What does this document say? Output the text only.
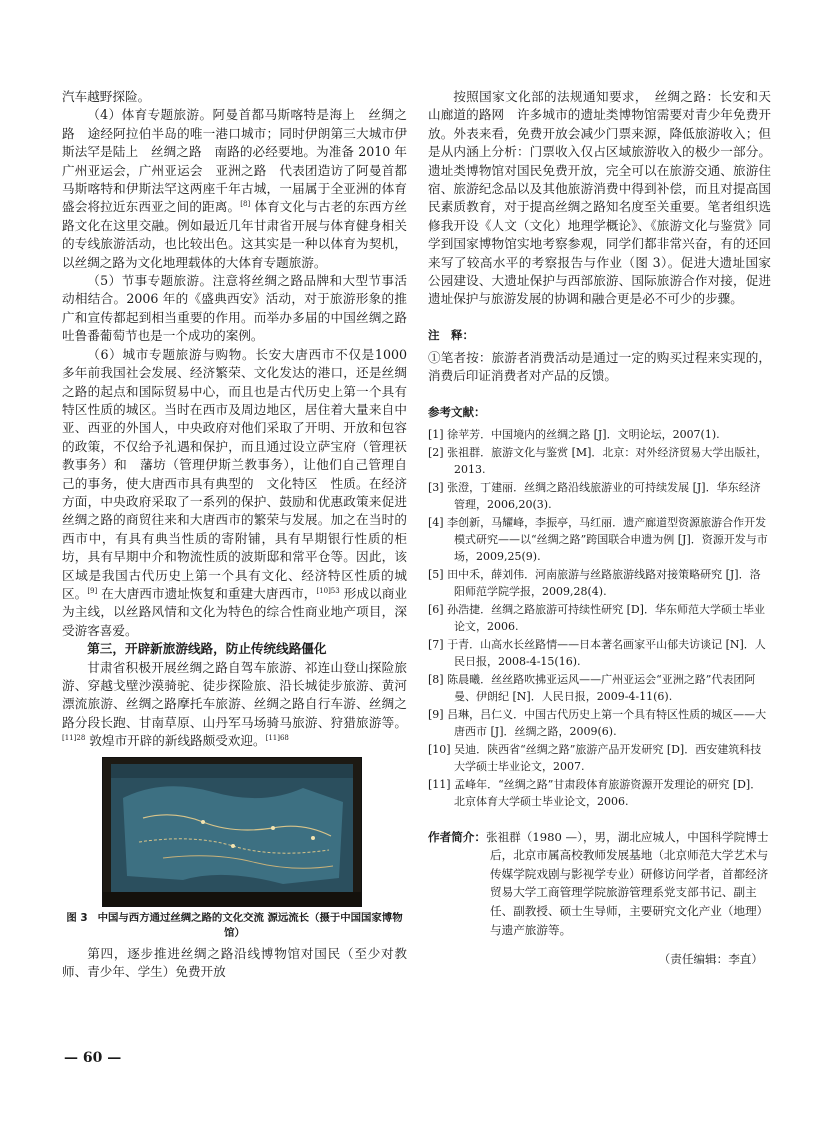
汽车越野探险。

（4）体育专题旅游。阿曼首都马斯喀特是海上　丝绸之路　途经阿拉伯半岛的唯一港口城市；同时伊朗第三大城市伊斯法罕是陆上　丝绸之路　南路的必经要地。为准备 2010 年广州亚运会，广州亚运会　亚洲之路　代表团造访了阿曼首都马斯喀特和伊斯法罕这两座千年古城，一届属于全亚洲的体育盛会将拉近东西亚之间的距离。[8] 体育文化与古老的东西方丝路文化在这里交融。例如最近几年甘肃省开展与体育健身相关的专线旅游活动，也比较出色。这其实是一种以体育为契机，以丝绸之路为文化地理载体的大体育专题旅游。

（5）节事专题旅游。注意将丝绸之路品牌和大型节事活动相结合。2006 年的《盛典西安》活动，对于旅游形象的推广和宣传都起到相当重要的作用。而举办多届的中国丝绸之路吐鲁番葡萄节也是一个成功的案例。

（6）城市专题旅游与购物。长安大唐西市不仅是1000 多年前我国社会发展、经济繁荣、文化发达的港口，还是丝绸之路的起点和国际贸易中心，而且也是古代历史上第一个具有特区性质的城区。当时在西市及周边地区，居住着大量来自中亚、西亚的外国人，中央政府对他们采取了开明、开放和包容的政策，不仅给予礼遇和保护，而且通过设立萨宝府（管理祆教事务）和　藩坊（管理伊斯兰教事务），让他们自己管理自己的事务，使大唐西市具有典型的　文化特区　性质。在经济方面，中央政府采取了一系列的保护、鼓励和优惠政策来促进丝绸之路的商贸往来和大唐西市的繁荣与发展。加之在当时的西市中，有具有典当性质的寄附铺，具有早期银行性质的柜坊，具有早期中介和物流性质的波斯邸和常平仓等。因此，该区域是我国古代历史上第一个具有文化、经济特区性质的城区。[9] 在大唐西市遗址恢复和重建大唐西市，$^{[10]53}$ 形成以商业为主线，以丝路风情和文化为特色的综合性商业地产项目，深受游客喜爱。

第三，开辟新旅游线路，防止传统线路僵化

甘肃省积极开展丝绸之路自驾车旅游、祁连山登山探险旅游、穿越戈壁沙漠骑驼、徒步探险旅、沿长城徒步旅游、黄河漂流旅游、丝绸之路摩托车旅游、丝绸之路自行车游、丝绸之路分段长跑、甘南草原、山丹军马场骑马旅游、狩猎旅游等。$^{[11]28}$ 敦煌市开辟的新线路颇受欢迎。$^{[11]68}$

图 3 中国与西方通过丝绸之路的文化交流 源远流长（摄于中国国家博物馆）

第四，逐步推进丝绸之路沿线博物馆对国民（至少对教师、青少年、学生）免费开放

按照国家文化部的法规通知要求，　丝绸之路：长安和天山廊道的路网　许多城市的遗址类博物馆需要对青少年免费开放。外表来看，免费开放会减少门票来源，降低旅游收入；但是从内涵上分析：门票收入仅占区域旅游收入的极少一部分。遗址类博物馆对国民免费开放，完全可以在旅游交通、旅游住宿、旅游纪念品以及其他旅游消费中得到补偿，而且对提高国民素质教育，对于提高丝绸之路知名度至关重要。笔者组织选修我开设《人文（文化）地理学概论》、《旅游文化与鉴赏》同学到国家博物馆实地考察参观，同学们都非常兴奋，有的还回来写了较高水平的考察报告与作业（图 3）。促进大遗址国家公园建设、大遗址保护与西部旅游、国际旅游合作对接，促进遗址保护与旅游发展的协调和融合更是必不可少的步骤。

注　释：

①笔者按：旅游者消费活动是通过一定的购买过程来实现的，消费后印证消费者对产品的反馈。

参考文献：
[1] 徐苹芳．中国境内的丝绸之路 [J]．文明论坛，2007(1).
[2] 张祖群．旅游文化与鉴赏 [M]．北京：对外经济贸易大学出版社，2013.
[3] 张澄，丁建丽．丝绸之路沿线旅游业的可持续发展 [J]．华东经济管理，2006,20(3).
[4] 李创新，马耀峰，李振亭，马红丽．遗产廊道型资源旅游合作开发模式研究——以“丝绸之路”跨国联合申遗为例 [J]．资源开发与市场，2009,25(9).
[5] 田中禾，薛刘伟．河南旅游与丝路旅游线路对接策略研究 [J]．洛阳师范学院学报，2009,28(4).
[6] 孙浩捷．丝绸之路旅游可持续性研究 [D]．华东师范大学硕士毕业论文，2006.
[7] 于青．山高水长丝路情——日本著名画家平山郁夫访谈记 [N]．人民日报，2008-4-15(16).
[8] 陈晨曦．丝丝路吹拂亚运风——广州亚运会“亚洲之路”代表团阿曼、伊朗纪 [N]．人民日报，2009-4-11(6).
[9] 吕琳，吕仁义．中国古代历史上第一个具有特区性质的城区——大唐西市 [J]．丝绸之路，2009(6).
[10] 吴迪．陕西省“丝绸之路”旅游产品开发研究 [D]．西安建筑科技大学硕士毕业论文，2007.
[11] 孟峰年．“丝绸之路”甘肃段体育旅游资源开发理论的研究 [D]．北京体育大学硕士毕业论文，2006.

作者简介：张祖群（1980 —），男，湖北应城人，中国科学院博士后，北京市属高校教师发展基地（北京师范大学艺术与传媒学院戏剧与影视学专业）研修访问学者，首都经济贸易大学工商管理学院旅游管理系党支部书记、副主任、副教授、硕士生导师，主要研究文化产业（地理）与遗产旅游等。

（责任编辑：李直）
— 60 —
